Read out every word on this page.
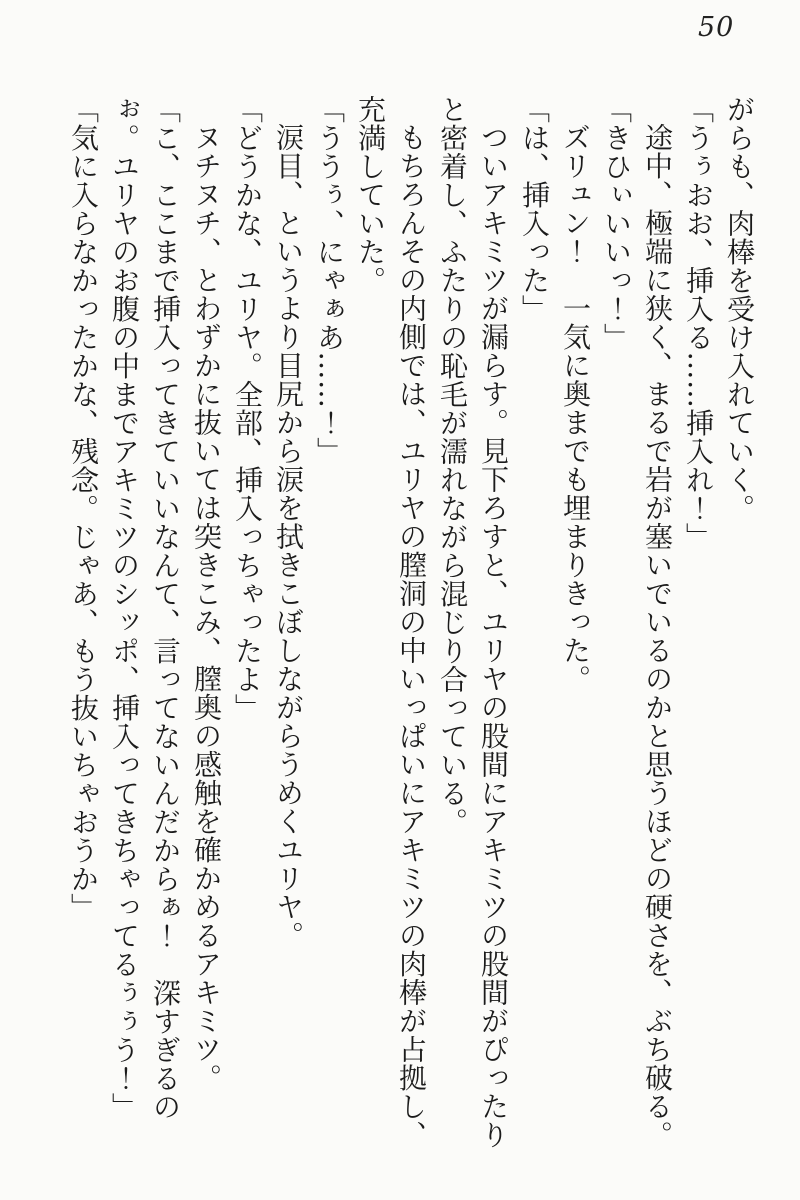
50

がらも、肉棒を受け入れていく。

「うぅおお、挿入る……挿入れ！」

途中、極端に狭く、まるで岩が塞いでいるのかと思うほどの硬さを、ぶち破る。

「きひぃいいっ！」

ズリュン！　一気に奥までも埋まりきった。

「は、挿入った」

ついアキミツが漏らす。見下ろすと、ユリヤの股間にアキミツの股間がぴったりと密着し、ふたりの恥毛が濡れながら混じり合っている。

もちろんその内側では、ユリヤの膣洞の中いっぱいにアキミツの肉棒が占拠し、充満していた。

「ううぅ、にゃぁあ……！」

涙目、というより目尻から涙を拭きこぼしながらうめくユリヤ。

「どうかな、ユリヤ。全部、挿入っちゃったよ」

ヌチヌチ、とわずかに抜いては突きこみ、膣奥の感触を確かめるアキミツ。

「こ、ここまで挿入ってきていいなんて、言ってないんだからぁ！　深すぎるのぉ。ユリヤのお腹の中までアキミツのシッポ、挿入ってきちゃってるぅぅう！」

「気に入らなかったかな、残念。じゃあ、もう抜いちゃおうか」
